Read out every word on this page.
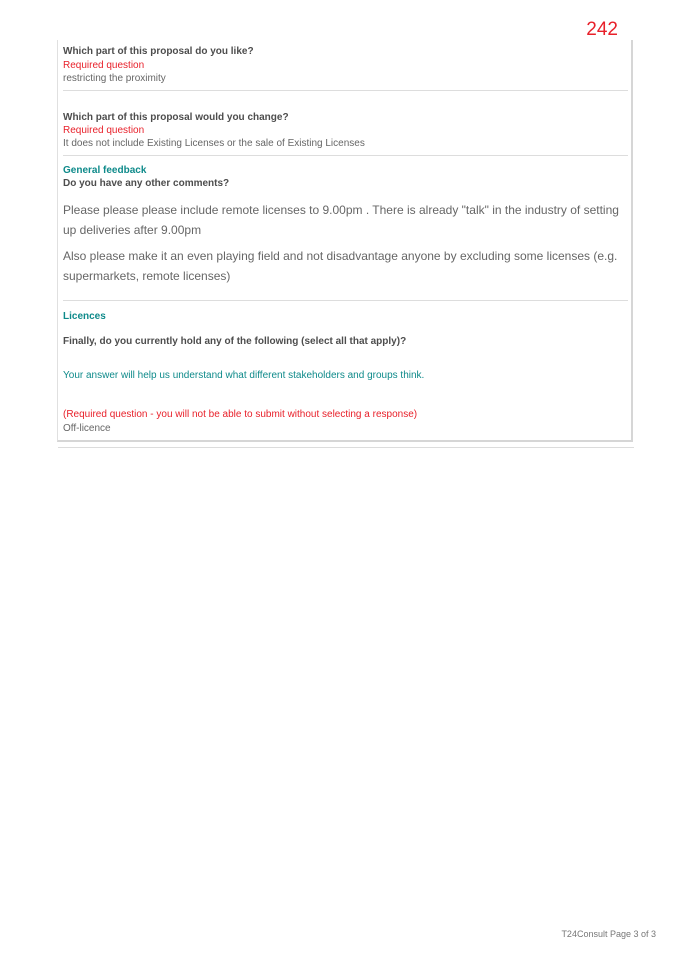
242
Which part of this proposal do you like?
Required question
restricting the proximity
Which part of this proposal would you change?
Required question
It does not include Existing Licenses or the sale of Existing Licenses
General feedback
Do you have any other comments?
Please please please include remote licenses to 9.00pm . There is already "talk" in the industry of setting up deliveries after 9.00pm
Also please make it an even playing field and not disadvantage anyone by excluding some licenses (e.g. supermarkets, remote licenses)
Licences
Finally, do you currently hold any of the following (select all that apply)?
Your answer will help us understand what different stakeholders and groups think.
(Required question - you will not be able to submit without selecting a response)
Off-licence
T24Consult Page 3 of 3
